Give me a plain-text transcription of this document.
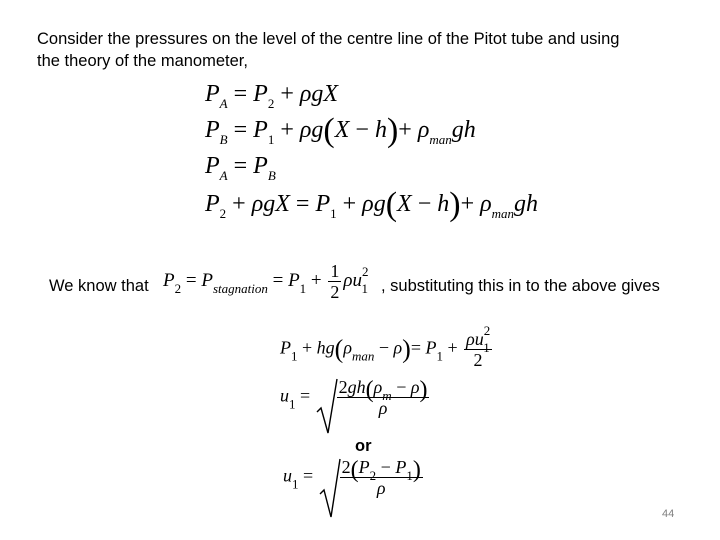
Consider the pressures on the level of the centre line of the Pitot tube and using
the theory of the manometer,
$P_A = P_2 + \rho gX$
$P_B = P_1 + \rho g(X - h)+ \rho_{man}gh$
$P_A = P_B$
$P_2 + \rho gX = P_1 + \rho g(X - h)+ \rho_{man}gh$
We know that $P_2 = P_{stagnation} = P_1 + \frac{1}{2} \rho u^2_1$ , substituting this in to the above gives
$P_1 + hg(\rho_{man} - \rho)= P_1 + \frac{\rho u^2_1}{2}$
$u_1 = \frac{2gh(\rho_m - \rho)}{\rho}$
or
$u_1 = \frac{2(P_2 - P_1)}{\rho}$
44
